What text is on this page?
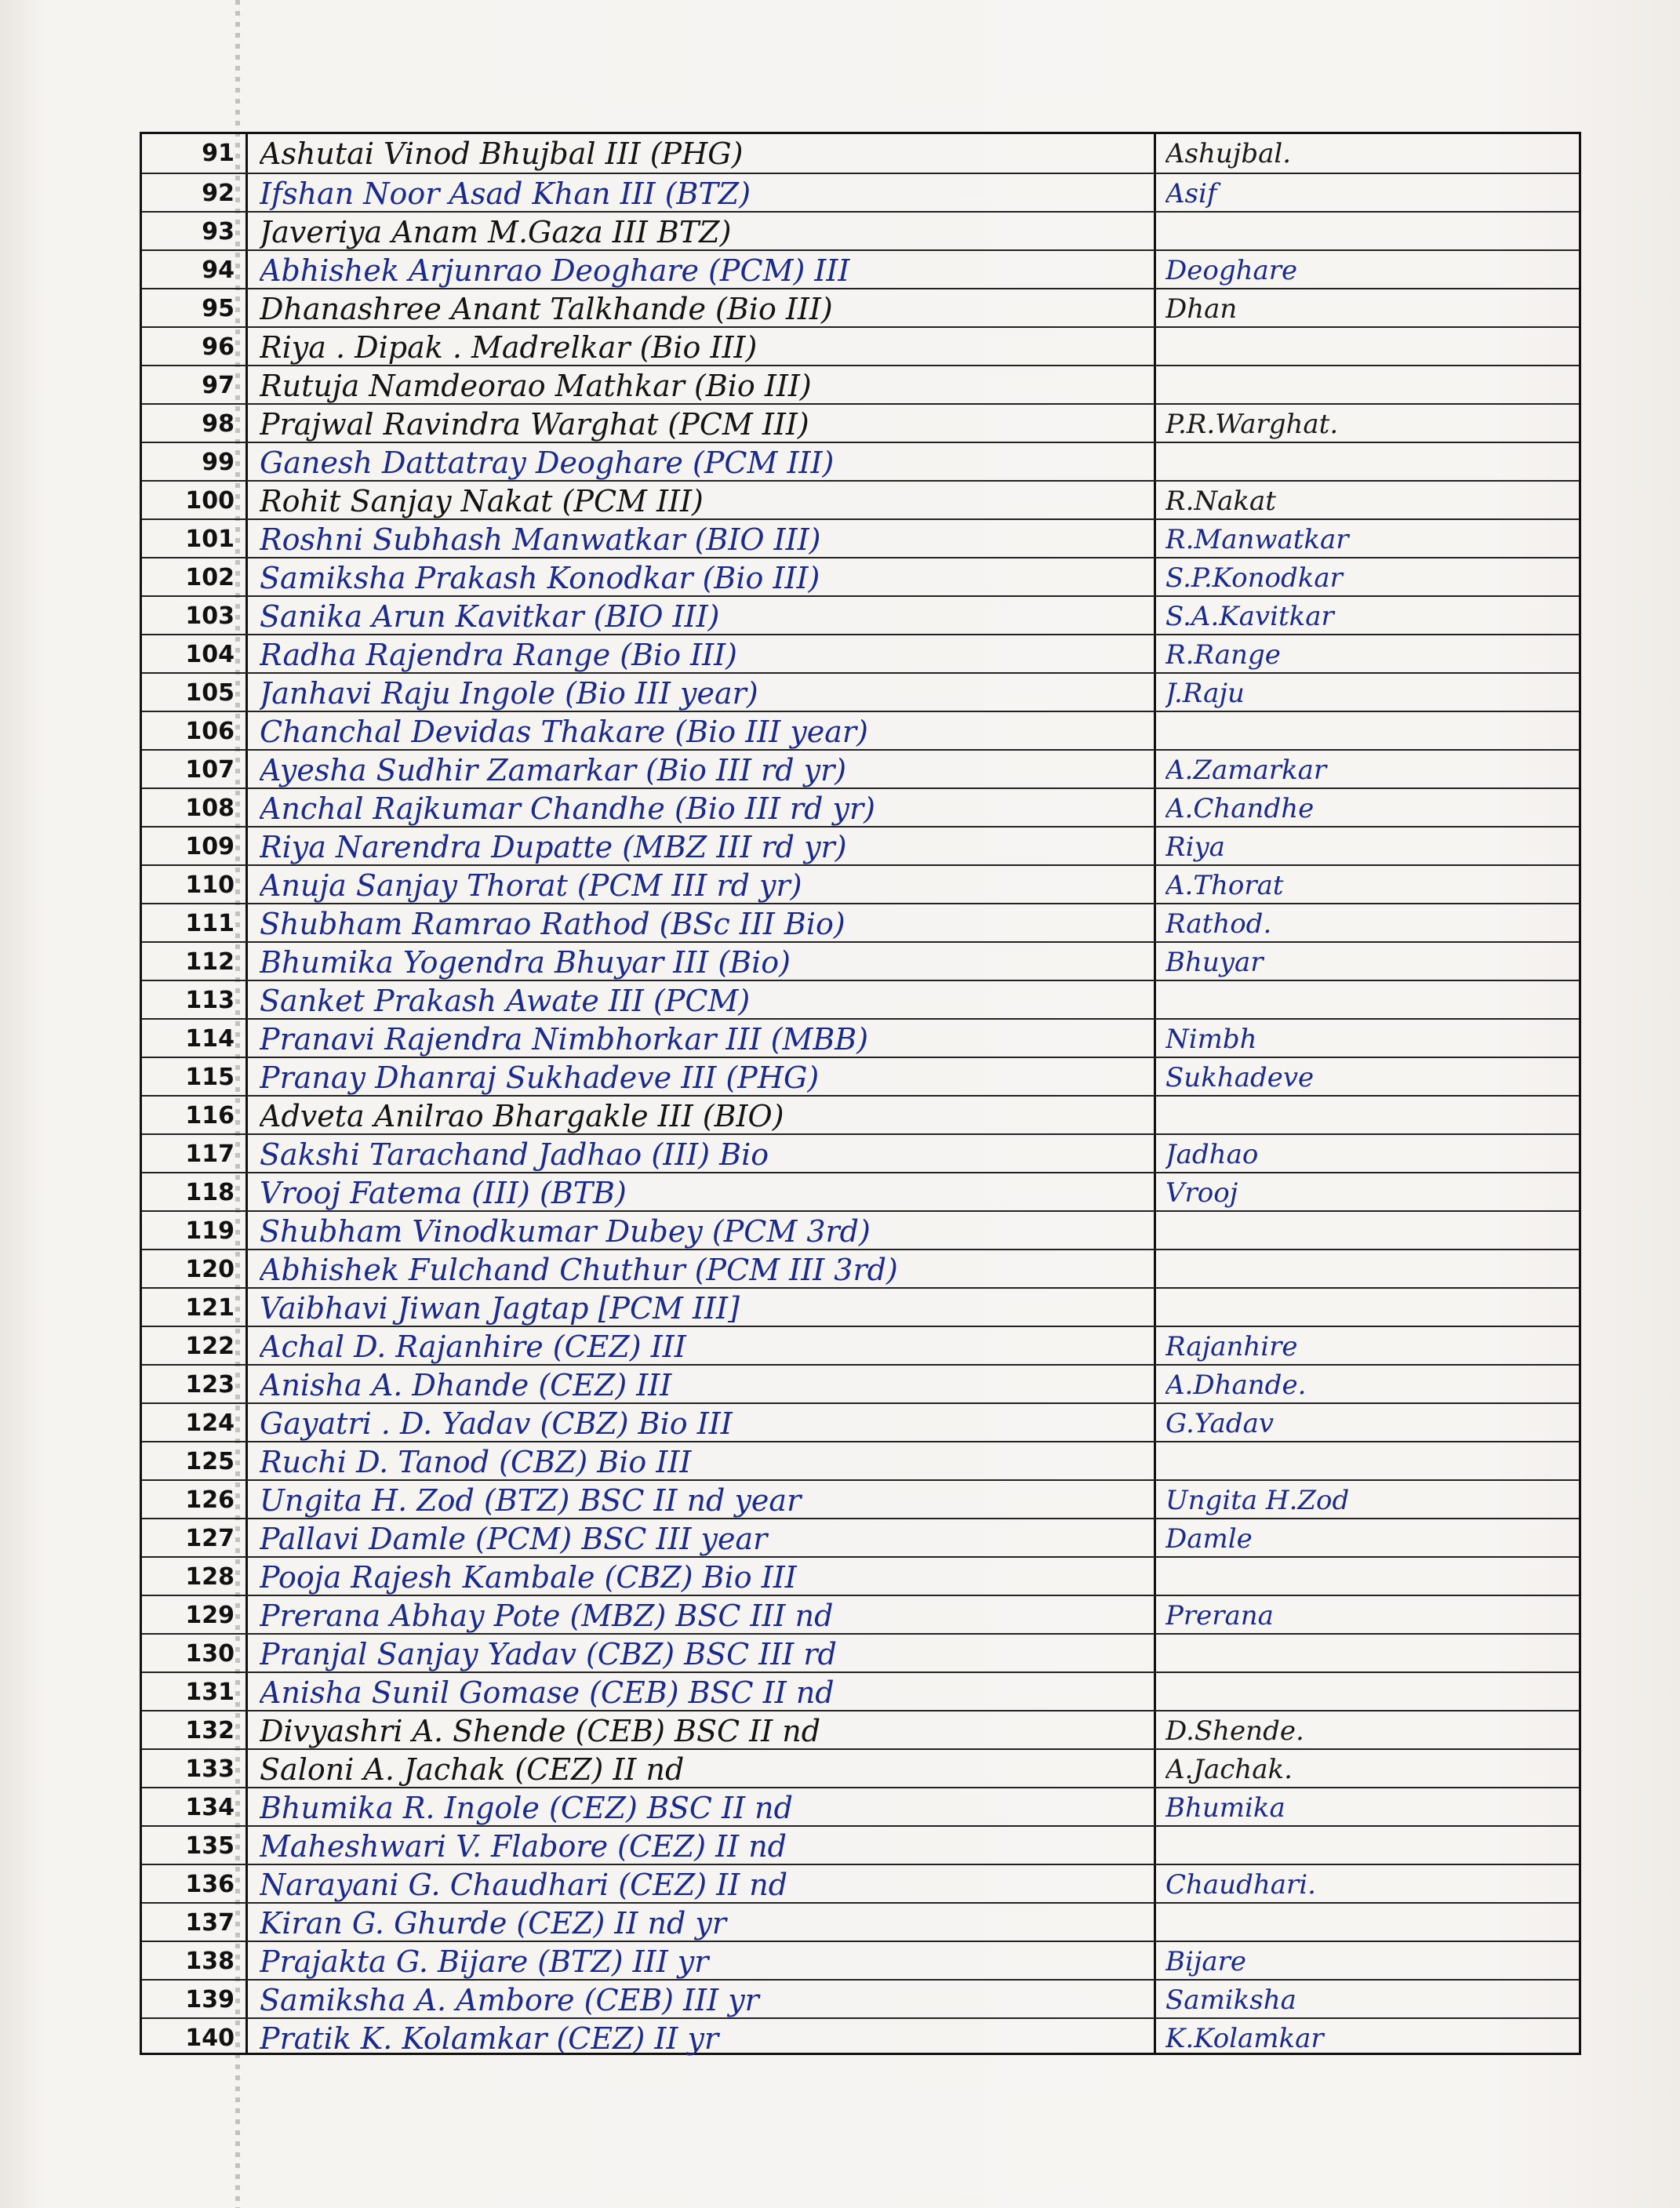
91 Ashutai Vinod Bhujbal III (PHG)	Ashujbal.
92 Ifshan Noor Asad Khan III (BTZ)	Asif
93 Javeriya Anam M.Gaza III BTZ)
94 Abhishek Arjunrao Deoghare (PCM) III	Deoghare
95 Dhanashree Anant Talkhande (Bio III)	Dhan
96 Riya . Dipak . Madrelkar (Bio III)
97 Rutuja Namdeorao Mathkar (Bio III)
98 Prajwal Ravindra Warghat (PCM III)	P.R.Warghat.
99 Ganesh Dattatray Deoghare (PCM III)
100 Rohit Sanjay Nakat (PCM III)	R.Nakat
101 Roshni Subhash Manwatkar (BIO III)	R.Manwatkar
102 Samiksha Prakash Konodkar (Bio III)	S.P.Konodkar
103 Sanika Arun Kavitkar (BIO III)	S.A.Kavitkar
104 Radha Rajendra Range (Bio III)	R.Range
105 Janhavi Raju Ingole (Bio III year)	J.Raju
106 Chanchal Devidas Thakare (Bio III year)
107 Ayesha Sudhir Zamarkar (Bio III rd yr)	A.Zamarkar
108 Anchal Rajkumar Chandhe (Bio III rd yr)	A.Chandhe
109 Riya Narendra Dupatte (MBZ III rd yr)	Riya
110 Anuja Sanjay Thorat (PCM III rd yr)	A.Thorat
111 Shubham Ramrao Rathod (BSc III Bio)	Rathod.
112 Bhumika Yogendra Bhuyar III (Bio)	Bhuyar
113 Sanket Prakash Awate III (PCM)
114 Pranavi Rajendra Nimbhorkar III (MBB)	Nimbh
115 Pranay Dhanraj Sukhadeve III (PHG)	Sukhadeve
116 Adveta Anilrao Bhargakle III (BIO)
117 Sakshi Tarachand Jadhao (III) Bio	Jadhao
118 Vrooj Fatema (III) (BTB)	Vrooj
119 Shubham Vinodkumar Dubey (PCM 3rd)
120 Abhishek Fulchand Chuthur (PCM III 3rd)
121 Vaibhavi Jiwan Jagtap [PCM III]
122 Achal D. Rajanhire (CEZ) III	Rajanhire
123 Anisha A. Dhande (CEZ) III	A.Dhande.
124 Gayatri . D. Yadav (CBZ) Bio III	G.Yadav
125 Ruchi D. Tanod (CBZ) Bio III
126 Ungita H. Zod (BTZ) BSC II nd year	Ungita H.Zod
127 Pallavi Damle (PCM) BSC III year	Damle
128 Pooja Rajesh Kambale (CBZ) Bio III
129 Prerana Abhay Pote (MBZ) BSC III nd	Prerana
130 Pranjal Sanjay Yadav (CBZ) BSC III rd
131 Anisha Sunil Gomase (CEB) BSC II nd
132 Divyashri A. Shende (CEB) BSC II nd	D.Shende.
133 Saloni A. Jachak (CEZ) II nd	A.Jachak.
134 Bhumika R. Ingole (CEZ) BSC II nd	Bhumika
135 Maheshwari V. Flabore (CEZ) II nd
136 Narayani G. Chaudhari (CEZ) II nd	Chaudhari.
137 Kiran G. Ghurde (CEZ) II nd yr
138 Prajakta G. Bijare (BTZ) III yr	Bijare
139 Samiksha A. Ambore (CEB) III yr	Samiksha
140 Pratik K. Kolamkar (CEZ) II yr	K.Kolamkar
